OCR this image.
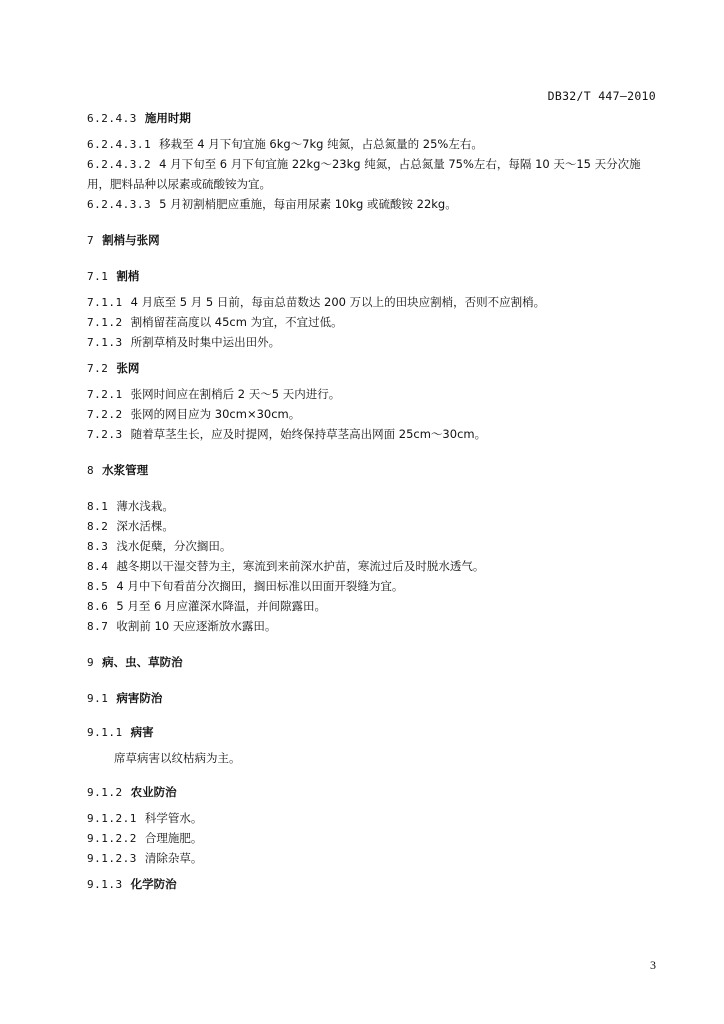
DB32/T 447—2010
6.2.4.3 施用时期
6.2.4.3.1 移栽至 4 月下旬宜施 6kg～7kg 纯氮，占总氮量的 25%左右。
6.2.4.3.2 4 月下旬至 6 月下旬宜施 22kg～23kg 纯氮，占总氮量 75%左右，每隔 10 天～15 天分次施
用，肥料品种以尿素或硫酸铵为宜。
6.2.4.3.3 5 月初割梢肥应重施，每亩用尿素 10kg 或硫酸铵 22kg。
7 割梢与张网
7.1 割梢
7.1.1 4 月底至 5 月 5 日前，每亩总苗数达 200 万以上的田块应割梢，否则不应割梢。
7.1.2 割梢留茬高度以 45cm 为宜，不宜过低。
7.1.3 所割草梢及时集中运出田外。
7.2 张网
7.2.1 张网时间应在割梢后 2 天～5 天内进行。
7.2.2 张网的网目应为 30cm×30cm。
7.2.3 随着草茎生长，应及时提网，始终保持草茎高出网面 25cm～30cm。
8 水浆管理
8.1 薄水浅栽。
8.2 深水活棵。
8.3 浅水促蘖，分次搁田。
8.4 越冬期以干湿交替为主，寒流到来前深水护苗，寒流过后及时脱水透气。
8.5 4 月中下旬看苗分次搁田，搁田标准以田面开裂缝为宜。
8.6 5 月至 6 月应灌深水降温，并间隙露田。
8.7 收割前 10 天应逐渐放水露田。
9 病、虫、草防治
9.1 病害防治
9.1.1 病害
席草病害以纹枯病为主。
9.1.2 农业防治
9.1.2.1 科学管水。
9.1.2.2 合理施肥。
9.1.2.3 清除杂草。
9.1.3 化学防治
3
